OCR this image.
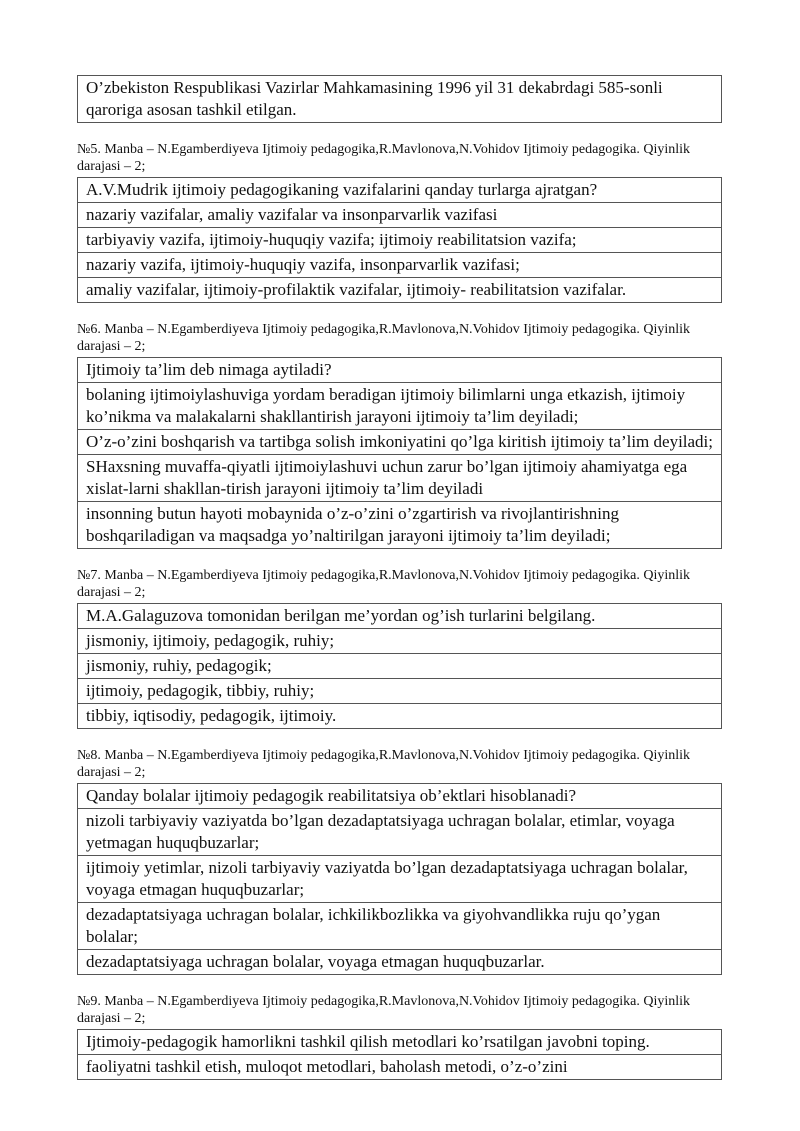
O’zbekiston Respublikasi Vazirlar Mahkamasining 1996 yil 31 dekabrdagi 585-sonli qaroriga asosan tashkil etilgan.
№5. Manba – N.Egamberdiyeva Ijtimoiy pedagogika,R.Mavlonova,N.Vohidov Ijtimoiy pedagogika. Qiyinlik darajasi – 2;
A.V.Mudrik ijtimoiy pedagogikaning vazifalarini qanday turlarga ajratgan?
nazariy vazifalar, amaliy vazifalar va insonparvarlik vazifasi
tarbiyaviy vazifa, ijtimoiy-huquqiy vazifa; ijtimoiy reabilitatsion vazifa;
nazariy vazifa, ijtimoiy-huquqiy vazifa, insonparvarlik vazifasi;
amaliy vazifalar, ijtimoiy-profilaktik vazifalar, ijtimoiy- reabilitatsion vazifalar.
№6. Manba – N.Egamberdiyeva Ijtimoiy pedagogika,R.Mavlonova,N.Vohidov Ijtimoiy pedagogika. Qiyinlik darajasi – 2;
Ijtimoiy ta’lim deb nimaga aytiladi?
bolaning ijtimoiylashuviga yordam beradigan ijtimoiy bilimlarni unga etkazish, ijtimoiy ko’nikma va malakalarni shakllantirish jarayoni ijtimoiy ta’lim deyiladi;
O’z-o’zini boshqarish va tartibga solish imkoniyatini qo’lga kiritish ijtimoiy ta’lim deyiladi;
SHaxsning muvaffa-qiyatli ijtimoiylashuvi uchun zarur bo’lgan ijtimoiy ahamiyatga ega xislat-larni shakllan-tirish jarayoni ijtimoiy ta’lim deyiladi
insonning butun hayoti mobaynida o’z-o’zini o’zgartirish va rivojlantirishning boshqariladigan va maqsadga yo’naltirilgan jarayoni ijtimoiy ta’lim deyiladi;
№7. Manba – N.Egamberdiyeva Ijtimoiy pedagogika,R.Mavlonova,N.Vohidov Ijtimoiy pedagogika. Qiyinlik darajasi – 2;
M.A.Galaguzova tomonidan berilgan me’yordan og’ish turlarini belgilang.
jismoniy, ijtimoiy, pedagogik, ruhiy;
jismoniy, ruhiy, pedagogik;
ijtimoiy, pedagogik, tibbiy, ruhiy;
tibbiy, iqtisodiy, pedagogik, ijtimoiy.
№8. Manba – N.Egamberdiyeva Ijtimoiy pedagogika,R.Mavlonova,N.Vohidov Ijtimoiy pedagogika. Qiyinlik darajasi – 2;
Qanday bolalar ijtimoiy pedagogik reabilitatsiya ob’ektlari hisoblanadi?
nizoli tarbiyaviy vaziyatda bo’lgan dezadaptatsiyaga uchragan bolalar, etimlar, voyaga yetmagan huquqbuzarlar;
ijtimoiy yetimlar, nizoli tarbiyaviy vaziyatda bo’lgan dezadaptatsiyaga uchragan bolalar, voyaga etmagan huquqbuzarlar;
dezadaptatsiyaga uchragan bolalar, ichkilikbozlikka va giyohvandlikka ruju qo’ygan bolalar;
dezadaptatsiyaga uchragan bolalar, voyaga etmagan huquqbuzarlar.
№9. Manba – N.Egamberdiyeva Ijtimoiy pedagogika,R.Mavlonova,N.Vohidov Ijtimoiy pedagogika. Qiyinlik darajasi – 2;
Ijtimoiy-pedagogik hamorlikni tashkil qilish metodlari ko’rsatilgan javobni toping.
faoliyatni tashkil etish, muloqot metodlari, baholash metodi, o’z-o’zini
